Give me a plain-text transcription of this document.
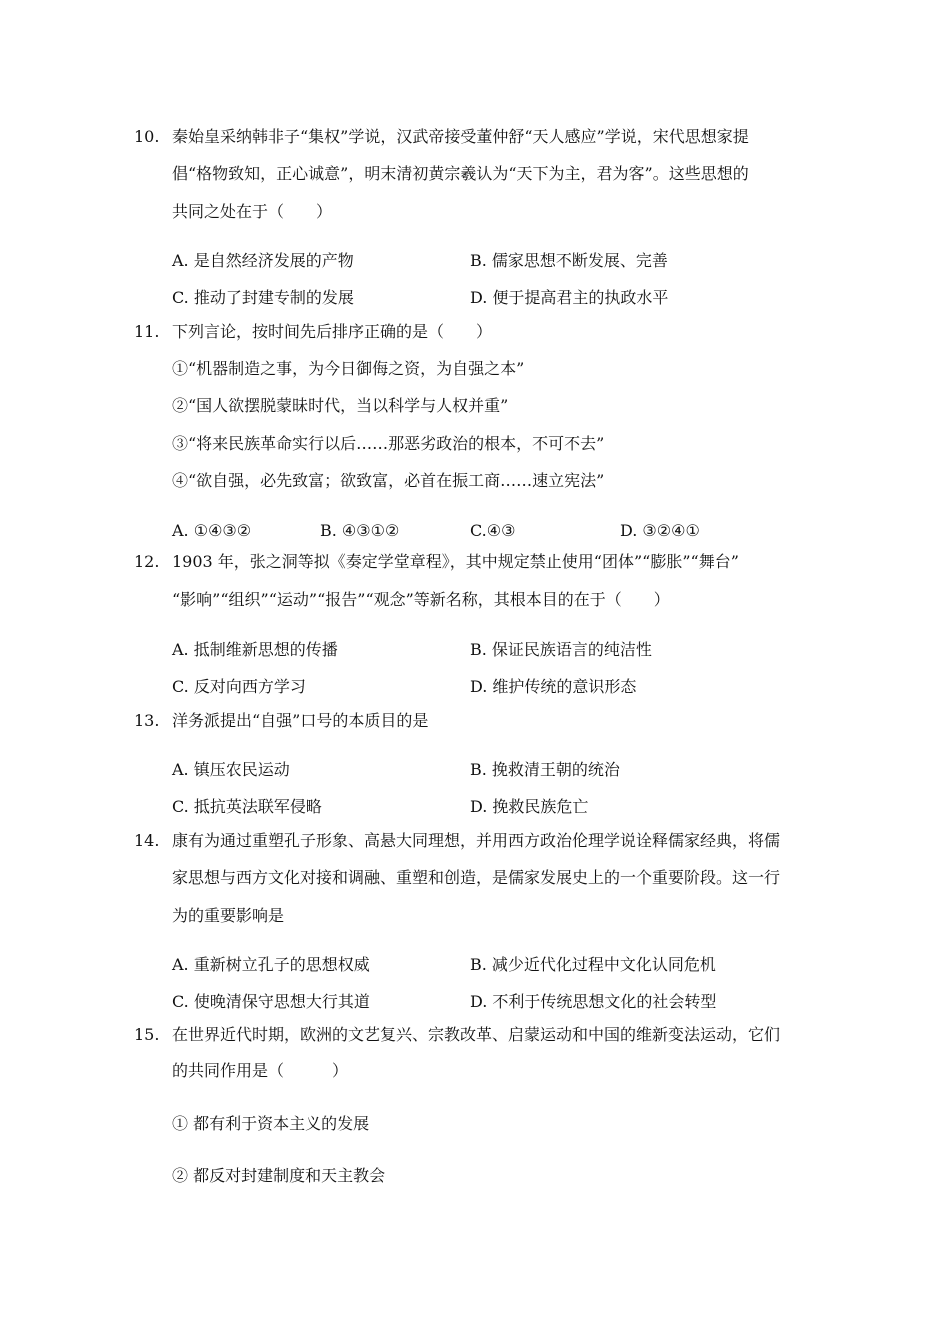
10. 秦始皇采纳韩非子“集权”学说，汉武帝接受董仲舒“天人感应”学说，宋代思想家提
倡“格物致知，正心诚意”，明末清初黄宗羲认为“天下为主，君为客”。这些思想的
共同之处在于（　　）
A. 是自然经济发展的产物	B. 儒家思想不断发展、完善
C. 推动了封建专制的发展	D. 便于提高君主的执政水平
11. 下列言论，按时间先后排序正确的是（　　）
①“机器制造之事，为今日御侮之资，为自强之本”
②“国人欲摆脱蒙昧时代，当以科学与人权并重”
③“将来民族革命实行以后……那恶劣政治的根本，不可不去”
④“欲自强，必先致富；欲致富，必首在振工商……速立宪法”
A. ①④③②	B. ④③①②	C.④③	D. ③②④①
12. 1903 年，张之洞等拟《奏定学堂章程》，其中规定禁止使用“团体”“膨胀”“舞台”
“影响”“组织”“运动”“报告”“观念”等新名称，其根本目的在于（　　）
A. 抵制维新思想的传播	B. 保证民族语言的纯洁性
C. 反对向西方学习	D. 维护传统的意识形态
13. 洋务派提出“自强”口号的本质目的是
A. 镇压农民运动	B. 挽救清王朝的统治
C. 抵抗英法联军侵略	D. 挽救民族危亡
14. 康有为通过重塑孔子形象、高悬大同理想，并用西方政治伦理学说诠释儒家经典，将儒
家思想与西方文化对接和调融、重塑和创造，是儒家发展史上的一个重要阶段。这一行
为的重要影响是
A. 重新树立孔子的思想权威	B. 减少近代化过程中文化认同危机
C. 使晚清保守思想大行其道	D. 不利于传统思想文化的社会转型
15. 在世界近代时期，欧洲的文艺复兴、宗教改革、启蒙运动和中国的维新变法运动，它们
的共同作用是（　　　）
① 都有利于资本主义的发展
② 都反对封建制度和天主教会
